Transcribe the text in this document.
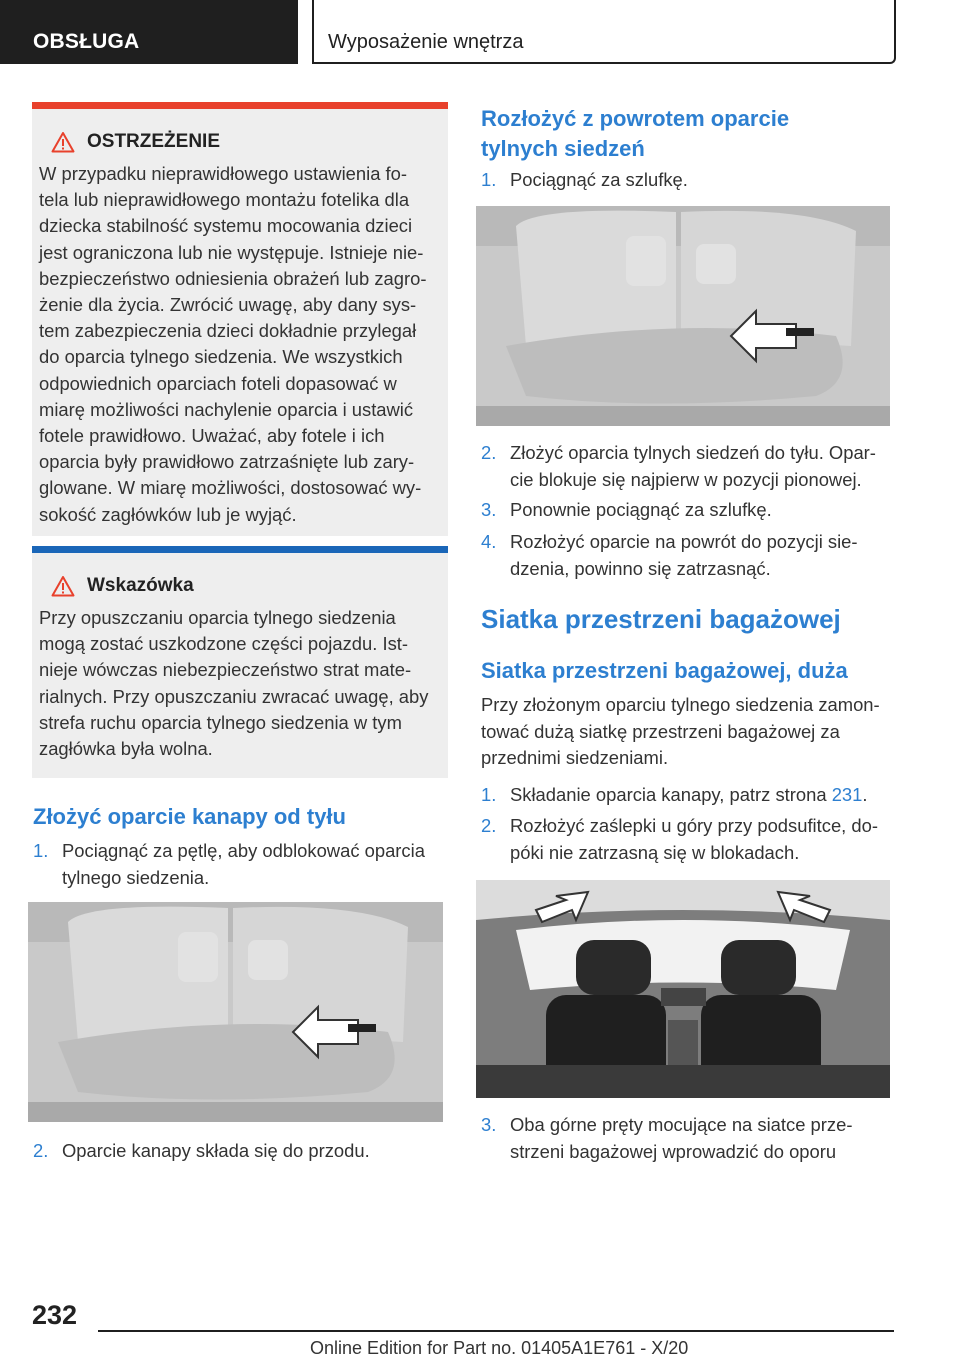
OBSŁUGA	Wyposażenie wnętrza
OSTRZEŻENIE
W przypadku nieprawidłowego ustawienia fo-
tela lub nieprawidłowego montażu fotelika dla
dziecka stabilność systemu mocowania dzieci
jest ograniczona lub nie występuje. Istnieje nie-
bezpieczeństwo odniesienia obrażeń lub zagro-
żenie dla życia. Zwrócić uwagę, aby dany sys-
tem zabezpieczenia dzieci dokładnie przylegał
do oparcia tylnego siedzenia. We wszystkich
odpowiednich oparciach foteli dopasować w
miarę możliwości nachylenie oparcia i ustawić
fotele prawidłowo. Uważać, aby fotele i ich
oparcia były prawidłowo zatrzaśnięte lub zary-
glowane. W miarę możliwości, dostosować wy-
sokość zagłówków lub je wyjąć.
Wskazówka
Przy opuszczaniu oparcia tylnego siedzenia
mogą zostać uszkodzone części pojazdu. Ist-
nieje wówczas niebezpieczeństwo strat mate-
rialnych. Przy opuszczaniu zwracać uwagę, aby
strefa ruchu oparcia tylnego siedzenia w tym
zagłówka była wolna.
Złożyć oparcie kanapy od tyłu
1. Pociągnąć za pętlę, aby odblokować oparcia
tylnego siedzenia.
2. Oparcie kanapy składa się do przodu.
Rozłożyć z powrotem oparcie
tylnych siedzeń
1. Pociągnąć za szlufkę.
2. Złożyć oparcia tylnych siedzeń do tyłu. Opar-
cie blokuje się najpierw w pozycji pionowej.
3. Ponownie pociągnąć za szlufkę.
4. Rozłożyć oparcie na powrót do pozycji sie-
dzenia, powinno się zatrzasnąć.
Siatka przestrzeni bagażowej
Siatka przestrzeni bagażowej, duża
Przy złożonym oparciu tylnego siedzenia zamon-
tować dużą siatkę przestrzeni bagażowej za
przednimi siedzeniami.
1. Składanie oparcia kanapy, patrz strona 231.
2. Rozłożyć zaślepki u góry przy podsufitce, do-
póki nie zatrzasną się w blokadach.
3. Oba górne pręty mocujące na siatce prze-
strzeni bagażowej wprowadzić do oporu
232
Online Edition for Part no. 01405A1E761 - X/20
